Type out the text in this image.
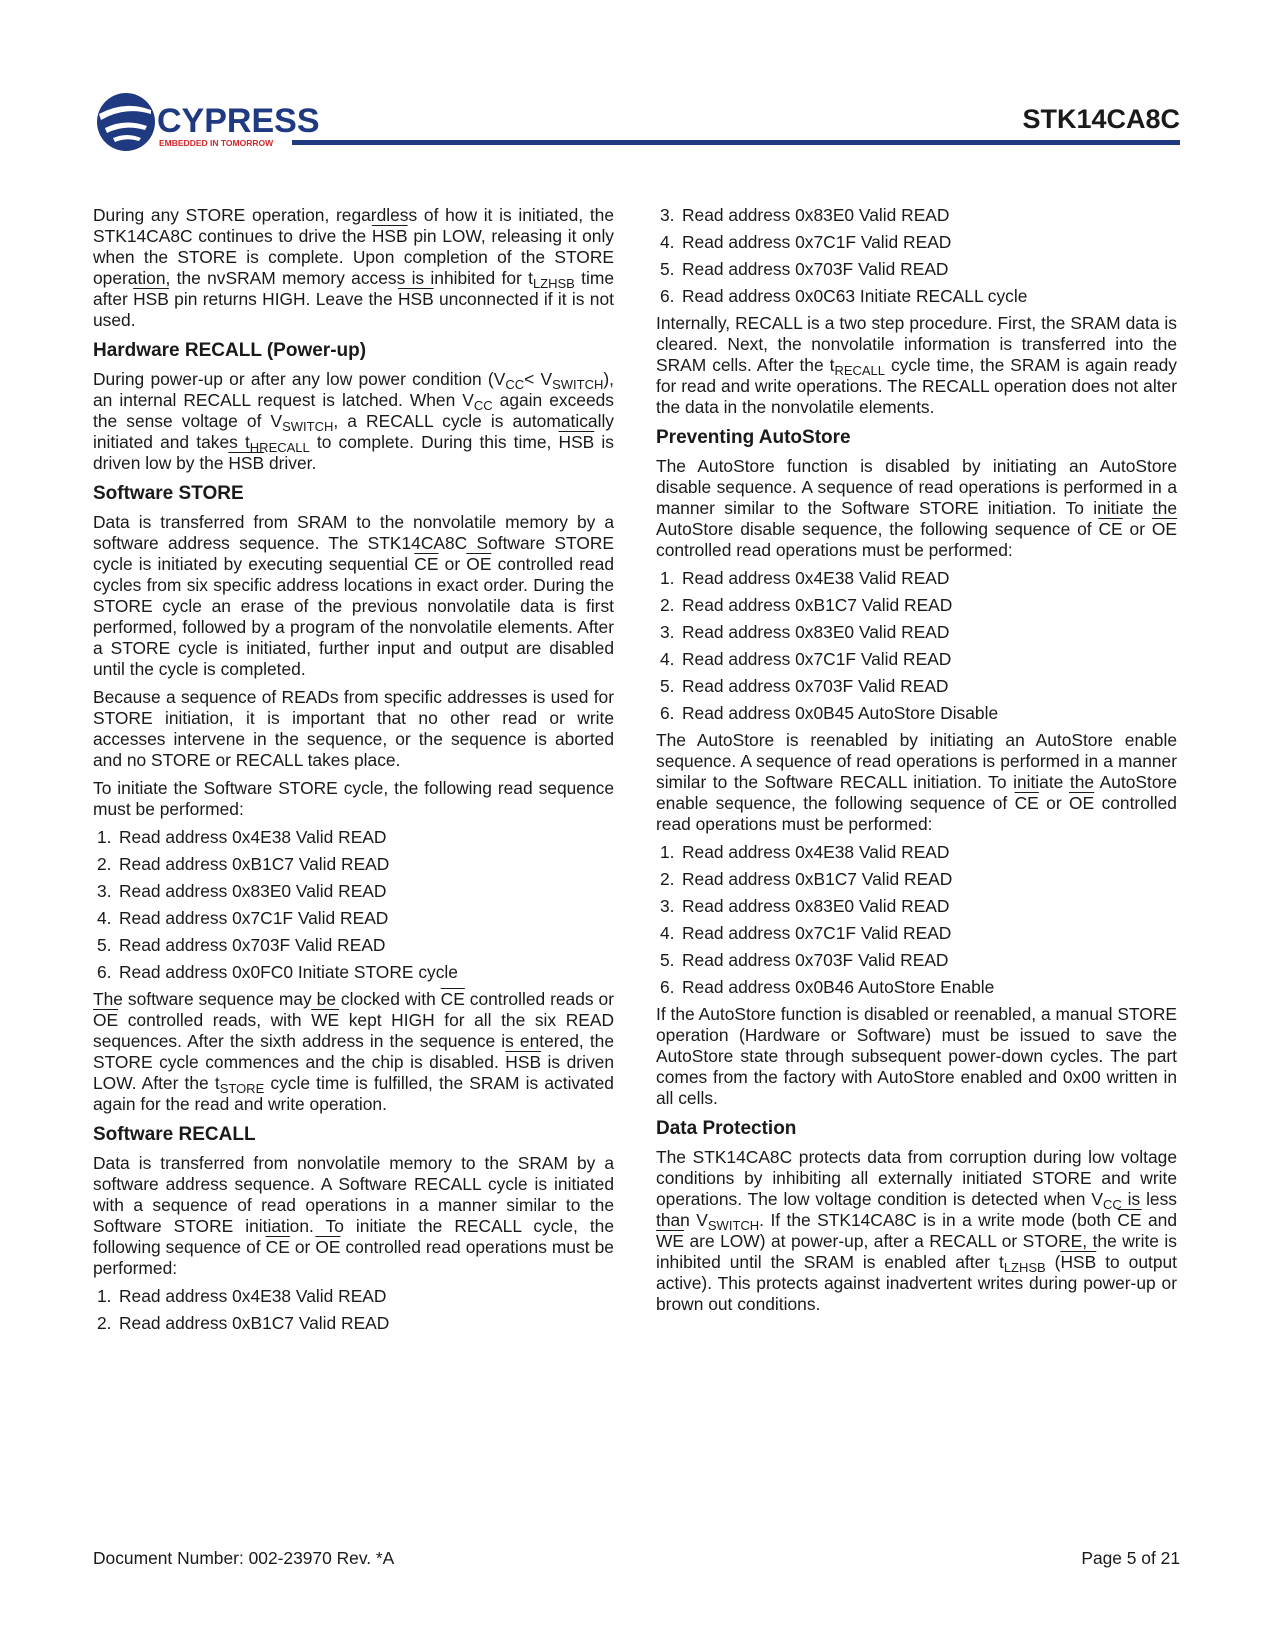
CYPRESS
EMBEDDED IN TOMORROW
STK14CA8C

During any STORE operation, regardless of how it is initiated, the STK14CA8C continues to drive the $\overline{HSB}$ pin LOW, releasing it only when the STORE is complete. Upon completion of the STORE operation, the nvSRAM memory access is inhibited for $t_{LZHSB}$ time after $\overline{HSB}$ pin returns HIGH. Leave the $\overline{HSB}$ unconnected if it is not used.

Hardware RECALL (Power-up)

During power-up or after any low power condition $(V_{CC}< V_{SWITCH})$, an internal RECALL request is latched. When $V_{CC}$ again exceeds the sense voltage of $V_{SWITCH}$, a RECALL cycle is automatically initiated and takes $t_{HRECALL}$ to complete. During this time, $\overline{HSB}$ is driven low by the $\overline{HSB}$ driver.

Software STORE

Data is transferred from SRAM to the nonvolatile memory by a software address sequence. The STK14CA8C Software STORE cycle is initiated by executing sequential $\overline{CE}$ or $\overline{OE}$ controlled read cycles from six specific address locations in exact order. During the STORE cycle an erase of the previous nonvolatile data is first performed, followed by a program of the nonvolatile elements. After a STORE cycle is initiated, further input and output are disabled until the cycle is completed.

Because a sequence of READs from specific addresses is used for STORE initiation, it is important that no other read or write accesses intervene in the sequence, or the sequence is aborted and no STORE or RECALL takes place.

To initiate the Software STORE cycle, the following read sequence must be performed:

1. Read address 0x4E38 Valid READ
2. Read address 0xB1C7 Valid READ
3. Read address 0x83E0 Valid READ
4. Read address 0x7C1F Valid READ
5. Read address 0x703F Valid READ
6. Read address 0x0FC0 Initiate STORE cycle

The software sequence may be clocked with $\overline{CE}$ controlled reads or $\overline{OE}$ controlled reads, with $\overline{WE}$ kept HIGH for all the six READ sequences. After the sixth address in the sequence is entered, the STORE cycle commences and the chip is disabled. $\overline{HSB}$ is driven LOW. After the $t_{STORE}$ cycle time is fulfilled, the SRAM is activated again for the read and write operation.

Software RECALL

Data is transferred from nonvolatile memory to the SRAM by a software address sequence. A Software RECALL cycle is initiated with a sequence of read operations in a manner similar to the Software STORE initiation. To initiate the RECALL cycle, the following sequence of $\overline{CE}$ or $\overline{OE}$ controlled read operations must be performed:

1. Read address 0x4E38 Valid READ
2. Read address 0xB1C7 Valid READ
3. Read address 0x83E0 Valid READ
4. Read address 0x7C1F Valid READ
5. Read address 0x703F Valid READ
6. Read address 0x0C63 Initiate RECALL cycle

Internally, RECALL is a two step procedure. First, the SRAM data is cleared. Next, the nonvolatile information is transferred into the SRAM cells. After the $t_{RECALL}$ cycle time, the SRAM is again ready for read and write operations. The RECALL operation does not alter the data in the nonvolatile elements.

Preventing AutoStore

The AutoStore function is disabled by initiating an AutoStore disable sequence. A sequence of read operations is performed in a manner similar to the Software STORE initiation. To initiate the AutoStore disable sequence, the following sequence of $\overline{CE}$ or $\overline{OE}$ controlled read operations must be performed:

1. Read address 0x4E38 Valid READ
2. Read address 0xB1C7 Valid READ
3. Read address 0x83E0 Valid READ
4. Read address 0x7C1F Valid READ
5. Read address 0x703F Valid READ
6. Read address 0x0B45 AutoStore Disable

The AutoStore is reenabled by initiating an AutoStore enable sequence. A sequence of read operations is performed in a manner similar to the Software RECALL initiation. To initiate the AutoStore enable sequence, the following sequence of $\overline{CE}$ or $\overline{OE}$ controlled read operations must be performed:

1. Read address 0x4E38 Valid READ
2. Read address 0xB1C7 Valid READ
3. Read address 0x83E0 Valid READ
4. Read address 0x7C1F Valid READ
5. Read address 0x703F Valid READ
6. Read address 0x0B46 AutoStore Enable

If the AutoStore function is disabled or reenabled, a manual STORE operation (Hardware or Software) must be issued to save the AutoStore state through subsequent power-down cycles. The part comes from the factory with AutoStore enabled and 0x00 written in all cells.

Data Protection

The STK14CA8C protects data from corruption during low voltage conditions by inhibiting all externally initiated STORE and write operations. The low voltage condition is detected when $V_{CC}$ is less than $V_{SWITCH}$. If the STK14CA8C is in a write mode (both $\overline{CE}$ and $\overline{WE}$ are LOW) at power-up, after a RECALL or STORE, the write is inhibited until the SRAM is enabled after $t_{LZHSB}$ ($\overline{HSB}$ to output active). This protects against inadvertent writes during power-up or brown out conditions.

Document Number: 002-23970 Rev. *A	Page 5 of 21
